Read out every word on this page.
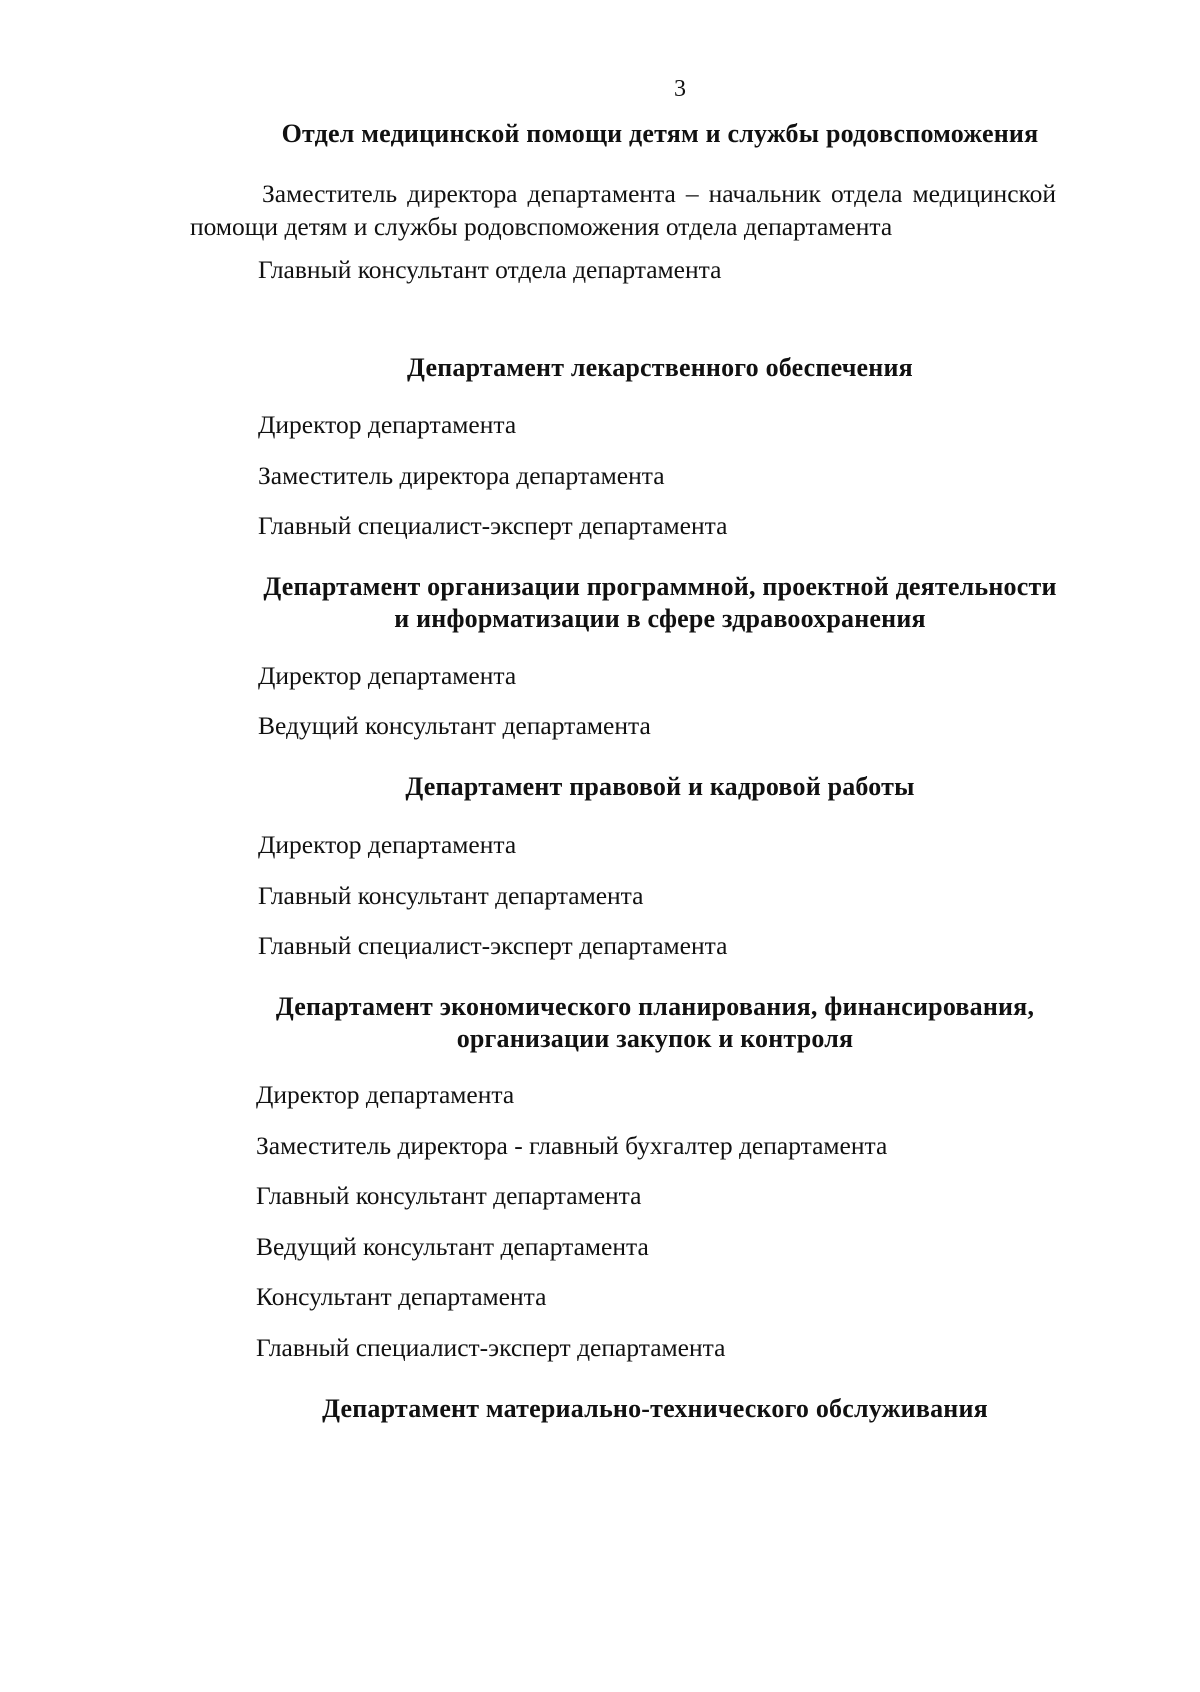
3
Отдел медицинской помощи детям и службы родовспоможения
Заместитель директора департамента – начальник отдела медицинской
помощи детям и службы родовспоможения отдела департамента
Главный консультант отдела департамента
Департамент лекарственного обеспечения
Директор департамента
Заместитель директора департамента
Главный специалист-эксперт департамента
Департамент организации программной, проектной деятельности
и информатизации в сфере здравоохранения
Директор департамента
Ведущий консультант департамента
Департамент правовой и кадровой работы
Директор департамента
Главный консультант департамента
Главный специалист-эксперт департамента
Департамент экономического планирования, финансирования,
организации закупок и контроля
Директор департамента
Заместитель директора - главный бухгалтер департамента
Главный консультант департамента
Ведущий консультант департамента
Консультант департамента
Главный специалист-эксперт департамента
Департамент материально-технического обслуживания
